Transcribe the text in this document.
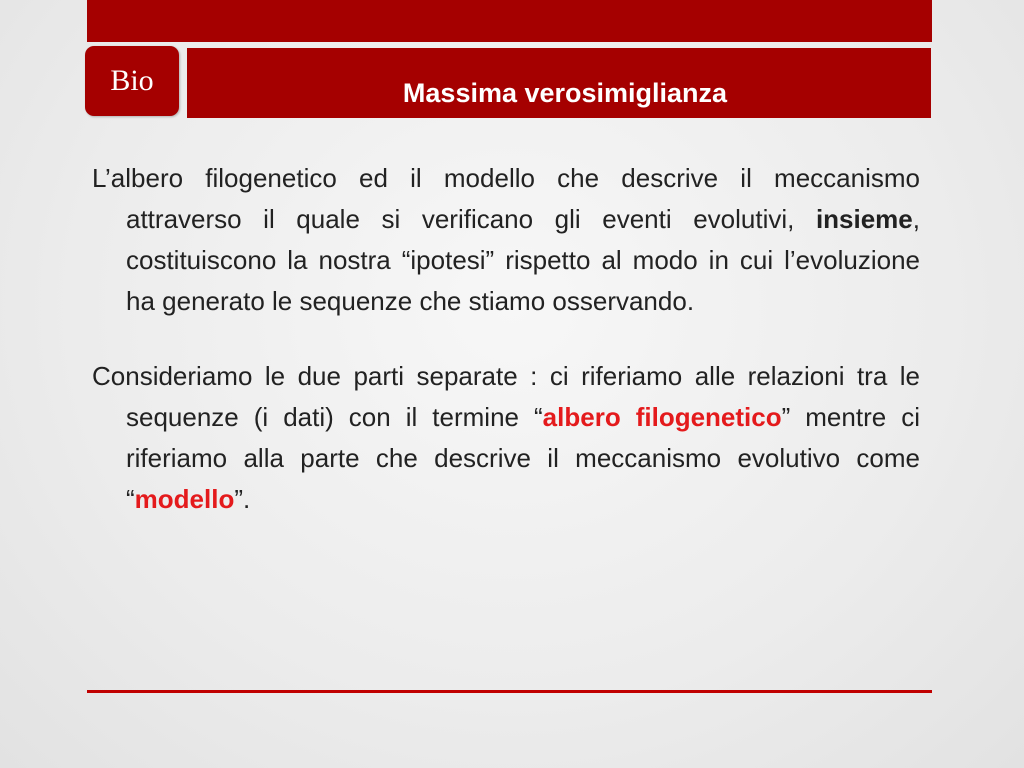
Bio	Massima verosimiglianza

L’albero filogenetico ed il modello che descrive il meccanismo attraverso il quale si verificano gli eventi evolutivi, insieme, costituiscono la nostra “ipotesi” rispetto al modo in cui l’evoluzione ha generato le sequenze che stiamo osservando.

Consideriamo le due parti separate : ci riferiamo alle relazioni tra le sequenze (i dati) con il termine “albero filogenetico” mentre ci riferiamo alla parte che descrive il meccanismo evolutivo come “modello”.
